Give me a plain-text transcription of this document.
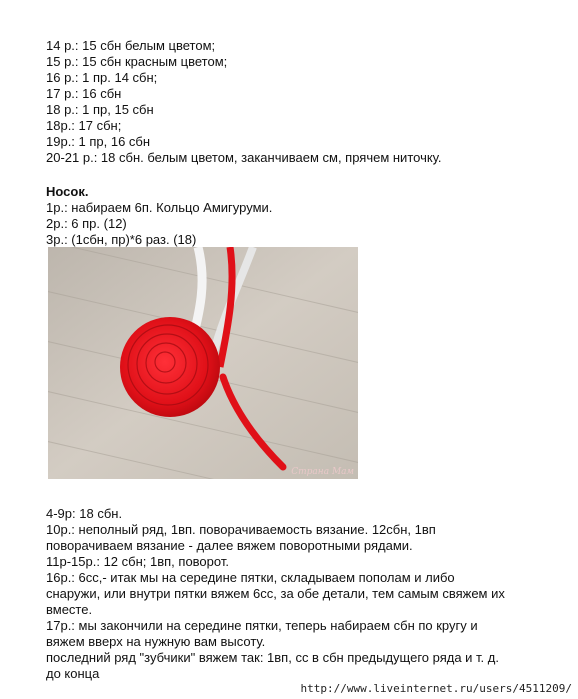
14 р.: 15 сбн белым цветом;

15 р.: 15 сбн красным цветом;

16 р.: 1 пр. 14 сбн;

17 р.: 16 сбн

18 р.: 1 пр, 15 сбн

18р.: 17 сбн;

19р.: 1 пр, 16 сбн

20-21 р.: 18 сбн. белым цветом, заканчиваем см, прячем ниточку.

Носок.

1р.: набираем 6п. Кольцо Амигуруми.

2р.: 6 пр. (12)

3р.: (1сбн, пр)*6 раз. (18)

Страна Мам

4-9р: 18 сбн.

10р.: неполный ряд, 1вп. поворачиваемость вязание. 12сбн, 1вп

поворачиваем вязание - далее вяжем поворотными рядами.

11р-15р.: 12 сбн; 1вп, поворот.

16р.: 6сс,- итак мы на середине пятки, складываем пополам и либо

снаружи, или внутри пятки вяжем 6сс, за обе детали, тем самым свяжем их

вместе.

17р.: мы закончили на середине пятки, теперь набираем сбн по кругу и

вяжем вверх на нужную вам высоту.

последний ряд "зубчики" вяжем так: 1вп, сс в сбн предыдущего ряда и т. д.

до конца

http://www.liveinternet.ru/users/4511209/
